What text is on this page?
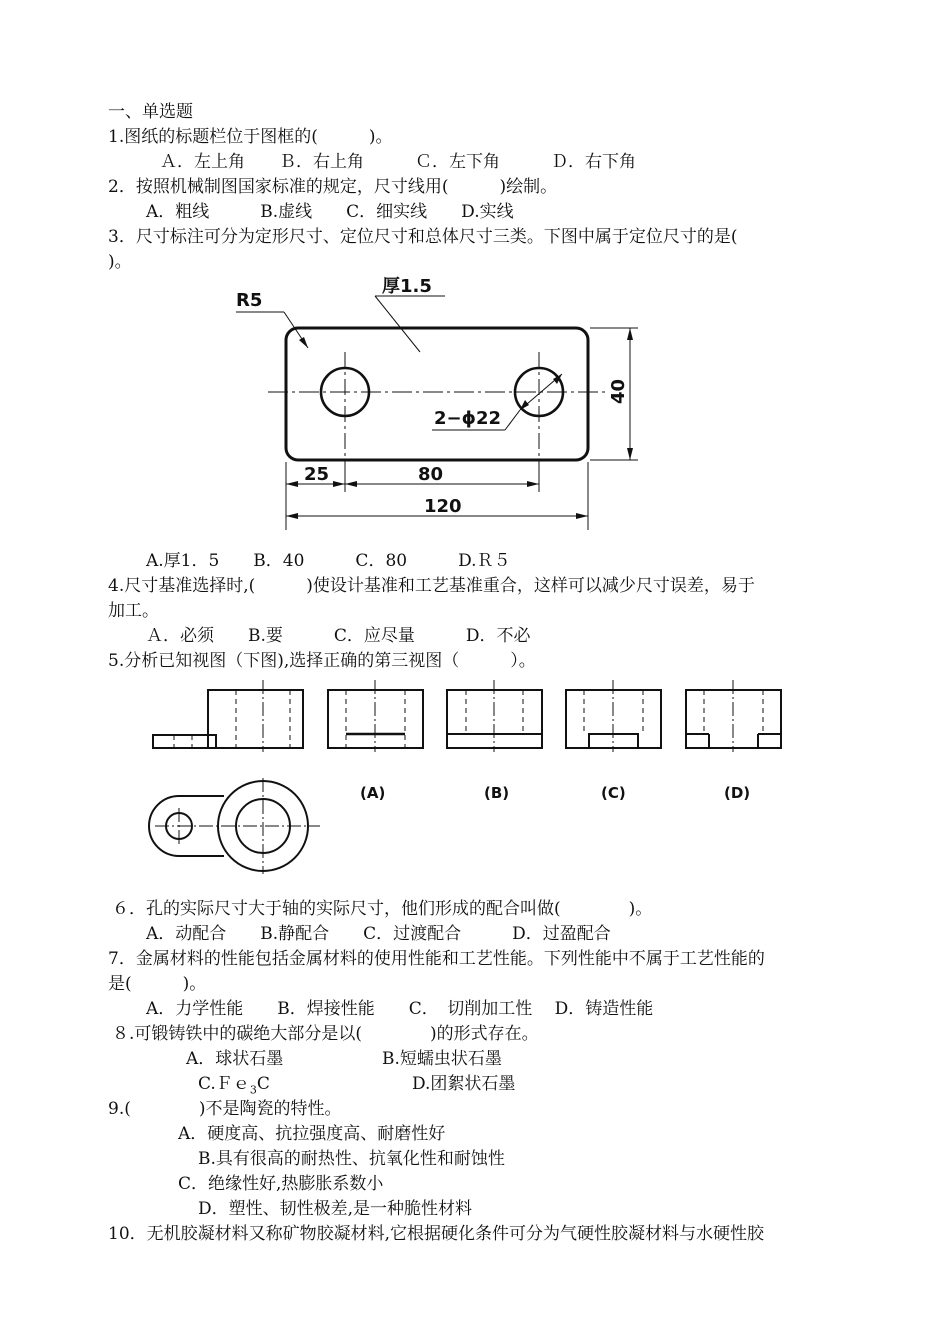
一、单选题
1.图纸的标题栏位于图框的(　　　)。
Ａ．左上角　　Ｂ．右上角　　　Ｃ．左下角　　　Ｄ．右下角
2．按照机械制图国家标准的规定，尺寸线用(　　　)绘制。
A．粗线　　　B.虚线　　C．细实线　　D.实线
3．尺寸标注可分为定形尺寸、定位尺寸和总体尺寸三类。下图中属于定位尺寸的是(
)。
R5
厚1.5
2−ϕ22
25	80
120
40
A.厚1．5　　B．40　　　C．80　　　D.Ｒ５
4.尺寸基准选择时,(　　　)使设计基准和工艺基准重合，这样可以减少尺寸误差，易于
加工。
Ａ．必须　　B.要　　　C．应尽量　　　D．不必
5.分析已知视图（下图),选择正确的第三视图（　　　）。
(A)	(B)	(C)	(D)
６．孔的实际尺寸大于轴的实际尺寸，他们形成的配合叫做(　　　　)。
A．动配合　　B.静配合　　C．过渡配合　　　D．过盈配合
7．金属材料的性能包括金属材料的使用性能和工艺性能。下列性能中不属于工艺性能的
是(　　　)。
A．力学性能　　B．焊接性能　　C．　切削加工性　 D．铸造性能
８.可锻铸铁中的碳绝大部分是以(　　　　)的形式存在。
A．球状石墨	B.短蠕虫状石墨
C.Ｆｅ$_3$C	D.团絮状石墨
9.(　　　　)不是陶瓷的特性。
A．硬度高、抗拉强度高、耐磨性好
B.具有很高的耐热性、抗氧化性和耐蚀性
C．绝缘性好,热膨胀系数小
D．塑性、韧性极差,是一种脆性材料
10．无机胶凝材料又称矿物胶凝材料,它根据硬化条件可分为气硬性胶凝材料与水硬性胶
